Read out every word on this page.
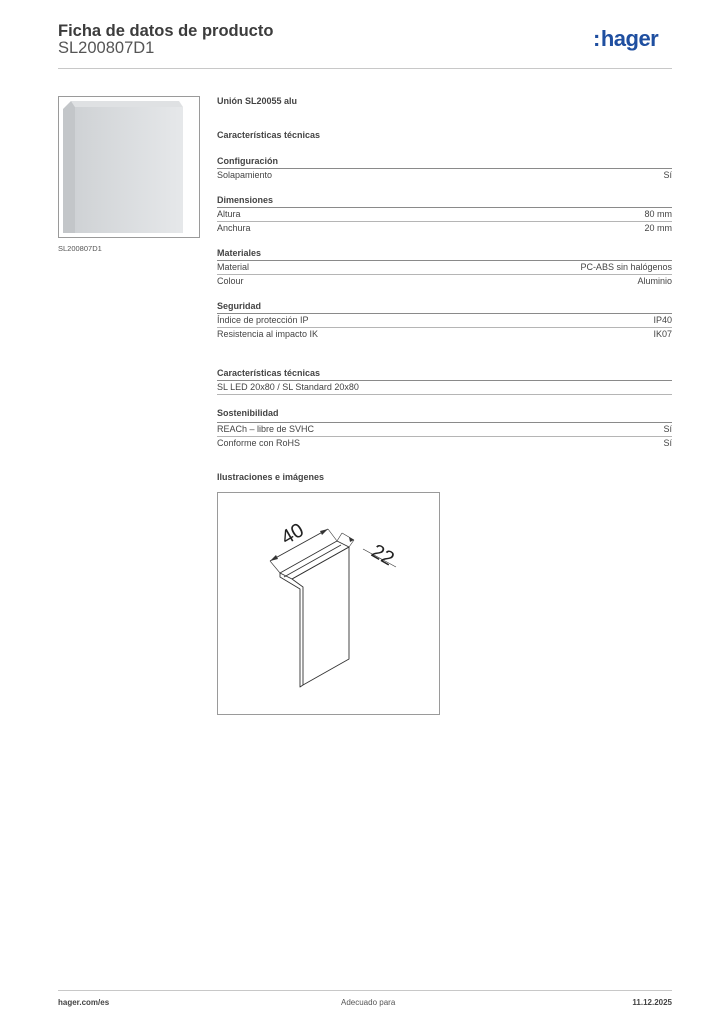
Ficha de datos de producto
SL200807D1	:hager
SL200807D1
Unión SL20055 alu
Características técnicas
Configuración
Solapamiento	Sí
Dimensiones
Altura	80 mm
Anchura	20 mm
Materiales
Material	PC-ABS sin halógenos
Colour	Aluminio
Seguridad
Índice de protección IP	IP40
Resistencia al impacto IK	IK07
Características técnicas
SL LED 20x80 / SL Standard 20x80
Sostenibilidad
REACh – libre de SVHC	Sí
Conforme con RoHS	Sí
Ilustraciones e imágenes
40
22
hager.com/es	Adecuado para	11.12.2025
